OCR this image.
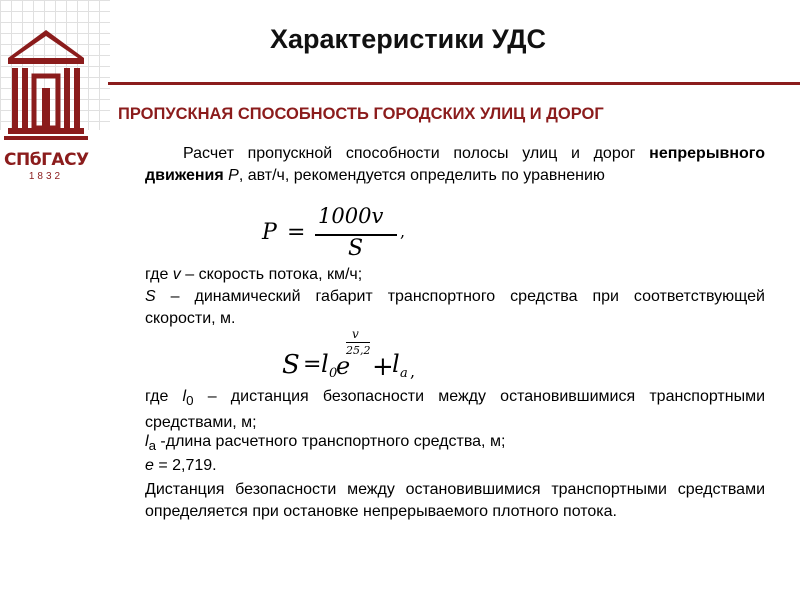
СПбГАСУ
1832
Характеристики УДС
ПРОПУСКНАЯ СПОСОБНОСТЬ ГОРОДСКИХ УЛИЦ И ДОРОГ
Расчет пропускной способности полосы улиц и дорог непрерывного движения P, авт/ч, рекомендуется определить по уравнению
P =
1000v
S
,
где v – скорость потока, км/ч;
S – динамический габарит транспортного средства при соответствующей скорости, м.
S = l 0
e
v
25,2
+
l a ,
где $l_0$ – дистанция безопасности между остановившимися транспортными средствами, м;
$l_a$ -длина расчетного транспортного средства, м;
e = 2,719.
Дистанция безопасности между остановившимися транспортными средствами определяется при остановке непрерываемого плотного потока.
